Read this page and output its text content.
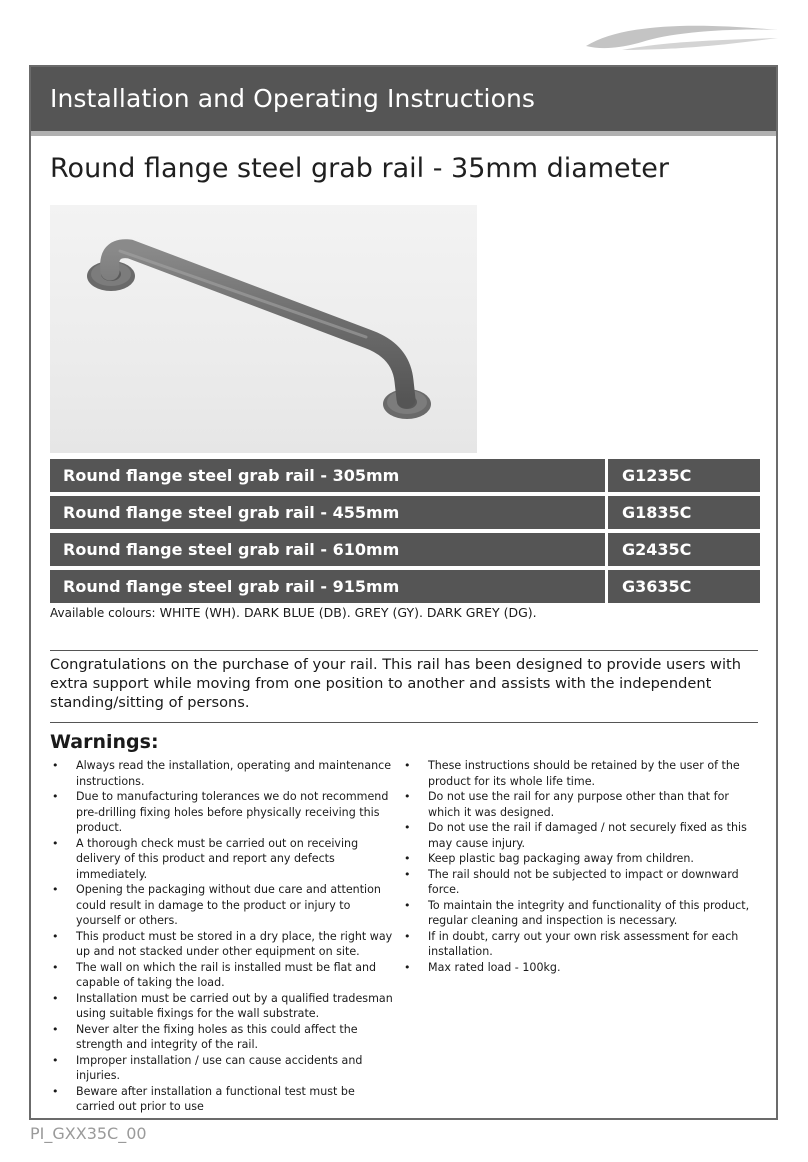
Installation and Operating Instructions
Round flange steel grab rail - 35mm diameter
Round flange steel grab rail - 305mm	G1235C
Round flange steel grab rail - 455mm	G1835C
Round flange steel grab rail - 610mm	G2435C
Round flange steel grab rail - 915mm	G3635C
Available colours: WHITE (WH). DARK BLUE (DB). GREY (GY). DARK GREY (DG).
Congratulations on the purchase of your rail. This rail has been designed to provide users with extra support while moving from one position to another and assists with the independent standing/sitting of persons.
Warnings:
• Always read the installation, operating and maintenance instructions.
• Due to manufacturing tolerances we do not recommend pre-drilling fixing holes before physically receiving this product.
• A thorough check must be carried out on receiving delivery of this product and report any defects immediately.
• Opening the packaging without due care and attention could result in damage to the product or injury to yourself or others.
• This product must be stored in a dry place, the right way up and not stacked under other equipment on site.
• The wall on which the rail is installed must be flat and capable of taking the load.
• Installation must be carried out by a qualified tradesman using suitable fixings for the wall substrate.
• Never alter the fixing holes as this could affect the strength and integrity of the rail.
• Improper installation / use can cause accidents and injuries.
• Beware after installation a functional test must be carried out prior to use
• These instructions should be retained by the user of the product for its whole life time.
• Do not use the rail for any purpose other than that for which it was designed.
• Do not use the rail if damaged / not securely fixed as this may cause injury.
• Keep plastic bag packaging away from children.
• The rail should not be subjected to impact or downward force.
• To maintain the integrity and functionality of this product, regular cleaning and inspection is necessary.
• If in doubt, carry out your own risk assessment for each installation.
• Max rated load - 100kg.
PI_GXX35C_00
